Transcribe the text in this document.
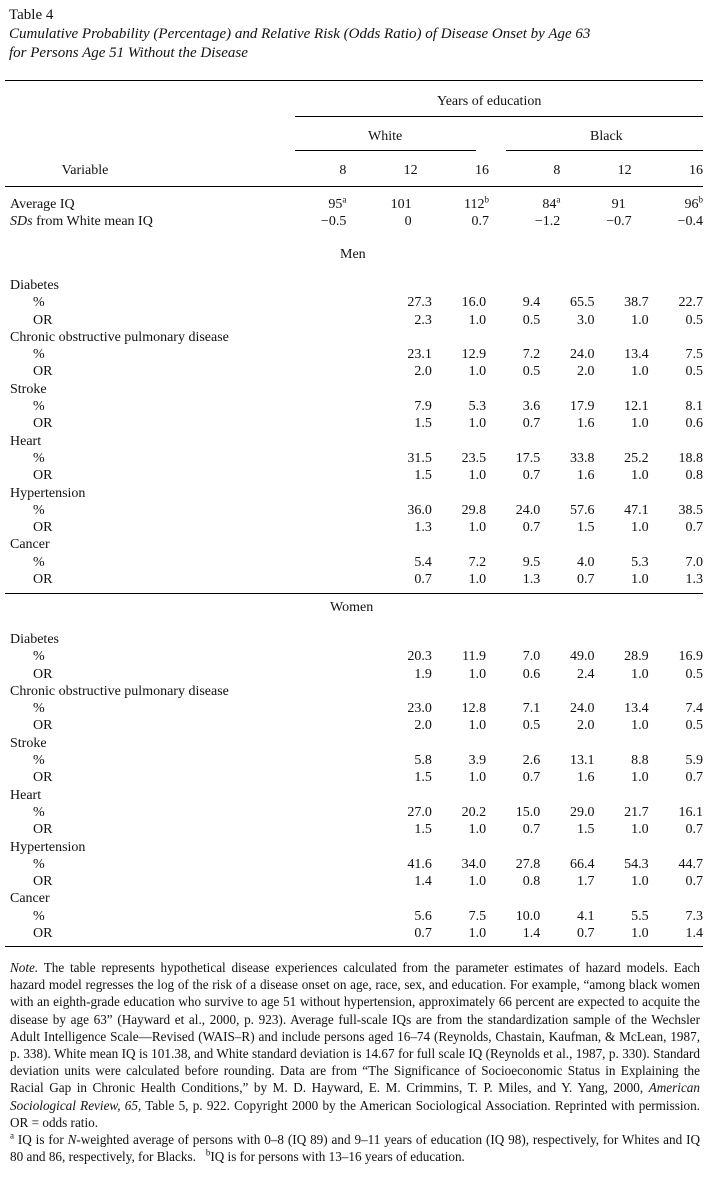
Table 4
Cumulative Probability (Percentage) and Relative Risk (Odds Ratio) of Disease Onset by Age 63
for Persons Age 51 Without the Disease
Years of education
White	Black
Variable	8	12	16	8	12	16
Average IQ	95$^a$	101	112$^b$	84$^a$	91	96$^b$
SDs from White mean IQ	−0.5	0	0.7	−1.2	−0.7	−0.4
Men
Diabetes						
%	27.3	16.0	9.4	65.5	38.7	22.7
OR	2.3	1.0	0.5	3.0	1.0	0.5
Chronic obstructive pulmonary disease						
%	23.1	12.9	7.2	24.0	13.4	7.5
OR	2.0	1.0	0.5	2.0	1.0	0.5
Stroke						
%	7.9	5.3	3.6	17.9	12.1	8.1
OR	1.5	1.0	0.7	1.6	1.0	0.6
Heart						
%	31.5	23.5	17.5	33.8	25.2	18.8
OR	1.5	1.0	0.7	1.6	1.0	0.8
Hypertension						
%	36.0	29.8	24.0	57.6	47.1	38.5
OR	1.3	1.0	0.7	1.5	1.0	0.7
Cancer						
%	5.4	7.2	9.5	4.0	5.3	7.0
OR	0.7	1.0	1.3	0.7	1.0	1.3
Women
Diabetes						
%	20.3	11.9	7.0	49.0	28.9	16.9
OR	1.9	1.0	0.6	2.4	1.0	0.5
Chronic obstructive pulmonary disease						
%	23.0	12.8	7.1	24.0	13.4	7.4
OR	2.0	1.0	0.5	2.0	1.0	0.5
Stroke						
%	5.8	3.9	2.6	13.1	8.8	5.9
OR	1.5	1.0	0.7	1.6	1.0	0.7
Heart						
%	27.0	20.2	15.0	29.0	21.7	16.1
OR	1.5	1.0	0.7	1.5	1.0	0.7
Hypertension						
%	41.6	34.0	27.8	66.4	54.3	44.7
OR	1.4	1.0	0.8	1.7	1.0	0.7
Cancer						
%	5.6	7.5	10.0	4.1	5.5	7.3
OR	0.7	1.0	1.4	0.7	1.0	1.4
Note. The table represents hypothetical disease experiences calculated from the parameter estimates of hazard models. Each hazard model regresses the log of the risk of a disease onset on age, race, sex, and education. For example, “among black women with an eighth-grade education who survive to age 51 without hypertension, approximately 66 percent are expected to acquite the disease by age 63” (Hayward et al., 2000, p. 923). Average full-scale IQs are from the standardization sample of the Wechsler Adult Intelligence Scale—Revised (WAIS–R) and include persons aged 16–74 (Reynolds, Chastain, Kaufman, & McLean, 1987, p. 338). White mean IQ is 101.38, and White standard deviation is 14.67 for full scale IQ (Reynolds et al., 1987, p. 330). Standard deviation units were calculated before rounding. Data are from “The Significance of Socioeconomic Status in Explaining the Racial Gap in Chronic Health Conditions,” by M. D. Hayward, E. M. Crimmins, T. P. Miles, and Y. Yang, 2000, American Sociological Review, 65, Table 5, p. 922. Copyright 2000 by the American Sociological Association. Reprinted with permission. OR = odds ratio.
$^a$ IQ is for N-weighted average of persons with 0–8 (IQ 89) and 9–11 years of education (IQ 98), respectively, for Whites and IQ 80 and 86, respectively, for Blacks. $^b$IQ is for persons with 13–16 years of education.
